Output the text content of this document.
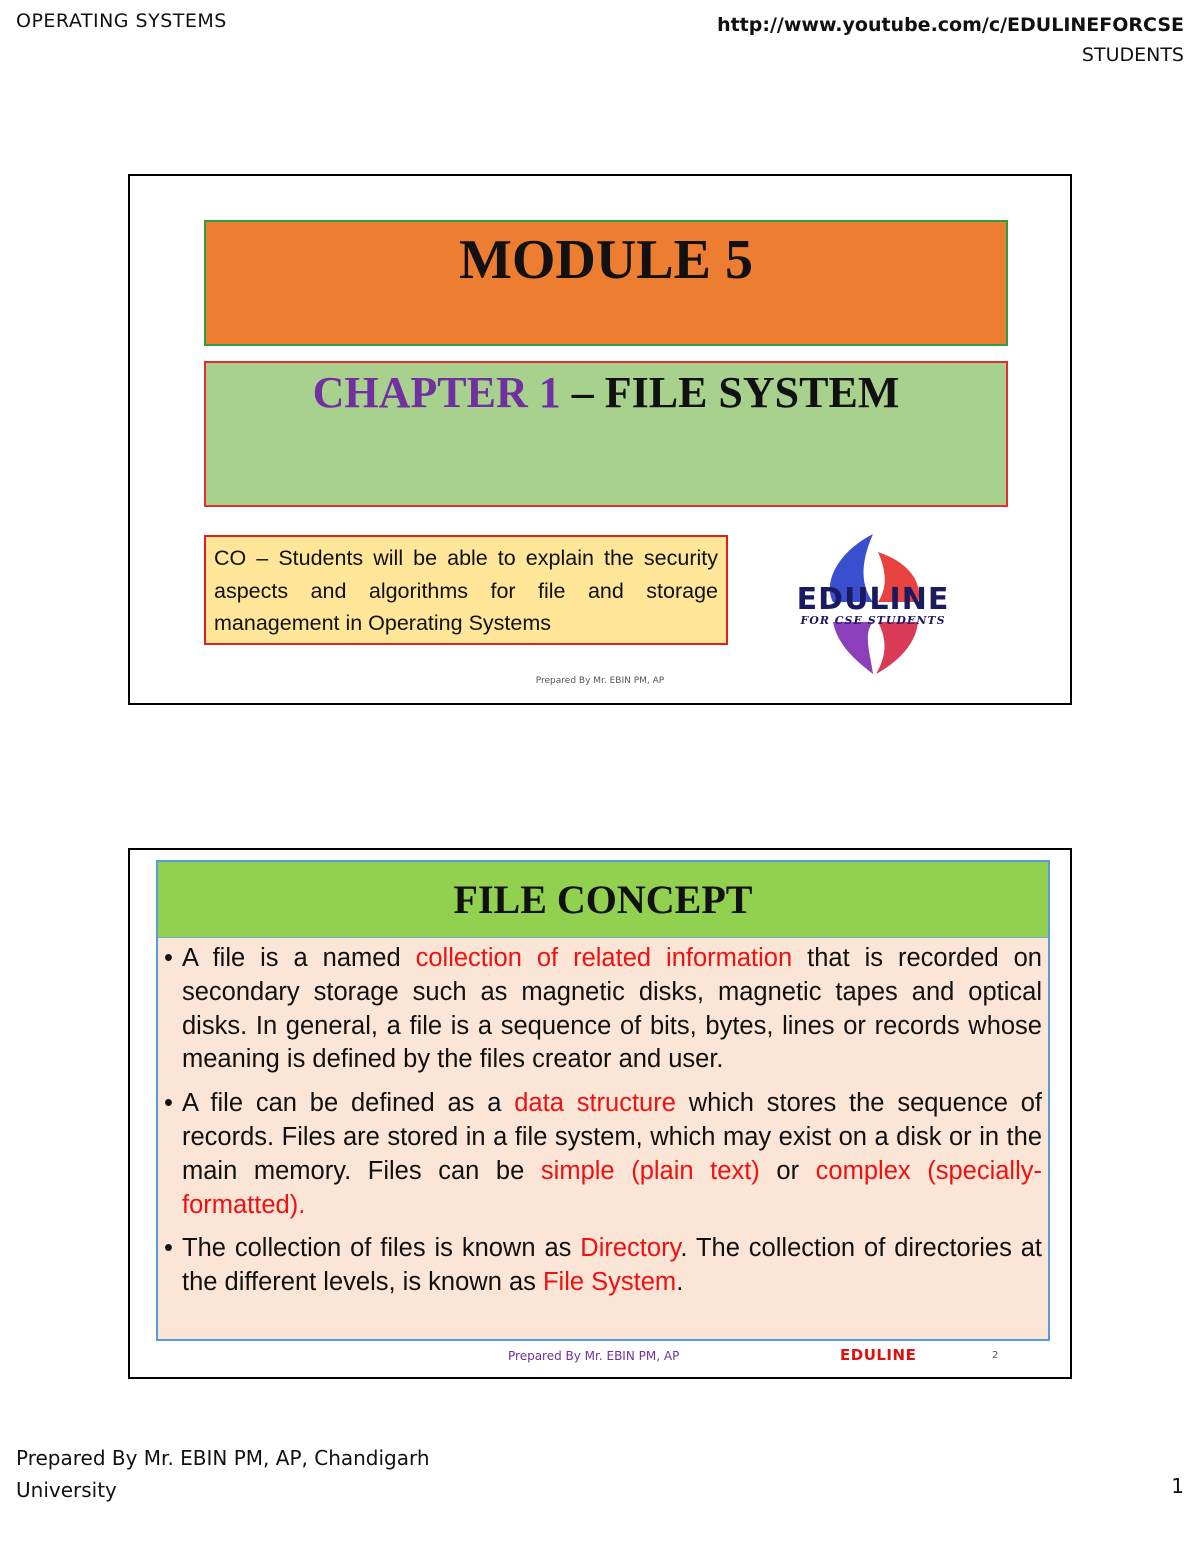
OPERATING SYSTEMS	http://www.youtube.com/c/EDULINEFORCSE
STUDENTS
MODULE 5
CHAPTER 1 – FILE SYSTEM
CO – Students will be able to explain the security aspects and algorithms for file and storage management in Operating Systems
EDULINE
FOR CSE STUDENTS
Prepared By Mr. EBIN PM, AP
FILE CONCEPT
• A file is a named collection of related information that is recorded on secondary storage such as magnetic disks, magnetic tapes and optical disks. In general, a file is a sequence of bits, bytes, lines or records whose meaning is defined by the files creator and user.
• A file can be defined as a data structure which stores the sequence of records. Files are stored in a file system, which may exist on a disk or in the main memory. Files can be simple (plain text) or complex (specially-formatted).
• The collection of files is known as Directory. The collection of directories at the different levels, is known as File System.
Prepared By Mr. EBIN PM, AP	EDULINE	2
Prepared By Mr. EBIN PM, AP, Chandigarh
University	1
